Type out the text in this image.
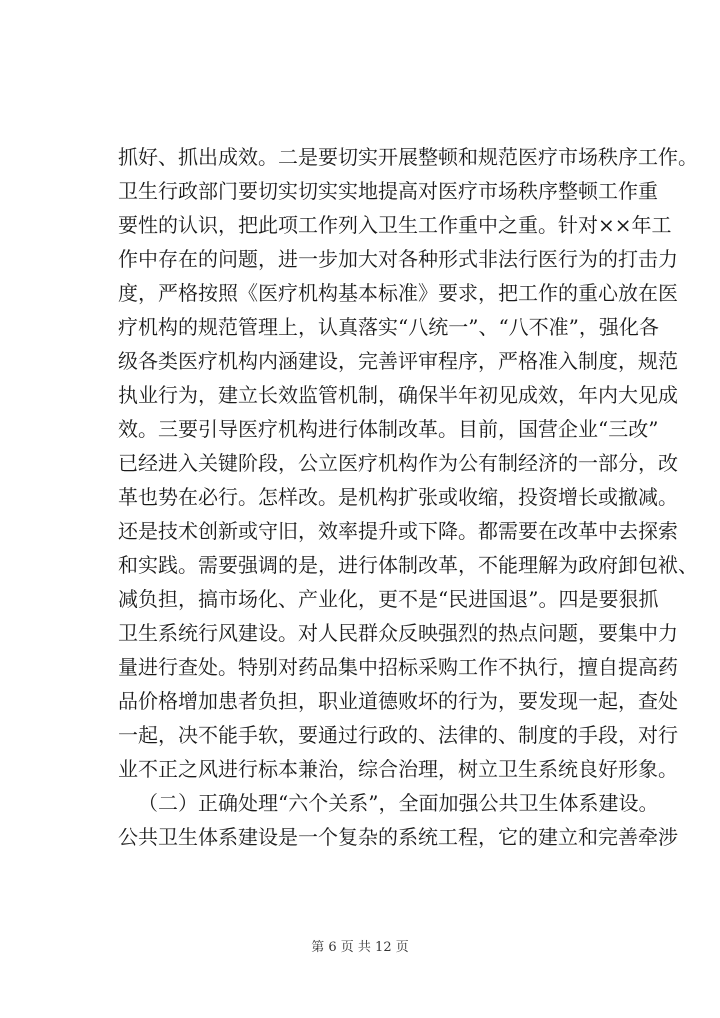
抓好、抓出成效。二是要切实开展整顿和规范医疗市场秩序工作。
卫生行政部门要切实切实实地提高对医疗市场秩序整顿工作重
要性的认识，把此项工作列入卫生工作重中之重。针对××年工
作中存在的问题，进一步加大对各种形式非法行医行为的打击力
度，严格按照《医疗机构基本标准》要求，把工作的重心放在医
疗机构的规范管理上，认真落实“八统一”、“八不准”，强化各
级各类医疗机构内涵建设，完善评审程序，严格准入制度，规范
执业行为，建立长效监管机制，确保半年初见成效，年内大见成
效。三要引导医疗机构进行体制改革。目前，国营企业“三改”
已经进入关键阶段，公立医疗机构作为公有制经济的一部分，改
革也势在必行。怎样改。是机构扩张或收缩，投资增长或撤减。
还是技术创新或守旧，效率提升或下降。都需要在改革中去探索
和实践。需要强调的是，进行体制改革，不能理解为政府卸包袱、
减负担，搞市场化、产业化，更不是“民进国退”。四是要狠抓
卫生系统行风建设。对人民群众反映强烈的热点问题，要集中力
量进行查处。特别对药品集中招标采购工作不执行，擅自提高药
品价格增加患者负担，职业道德败坏的行为，要发现一起，查处
一起，决不能手软，要通过行政的、法律的、制度的手段，对行
业不正之风进行标本兼治，综合治理，树立卫生系统良好形象。
（二）正确处理“六个关系”，全面加强公共卫生体系建设。
公共卫生体系建设是一个复杂的系统工程，它的建立和完善牵涉
第 6 页 共 12 页
